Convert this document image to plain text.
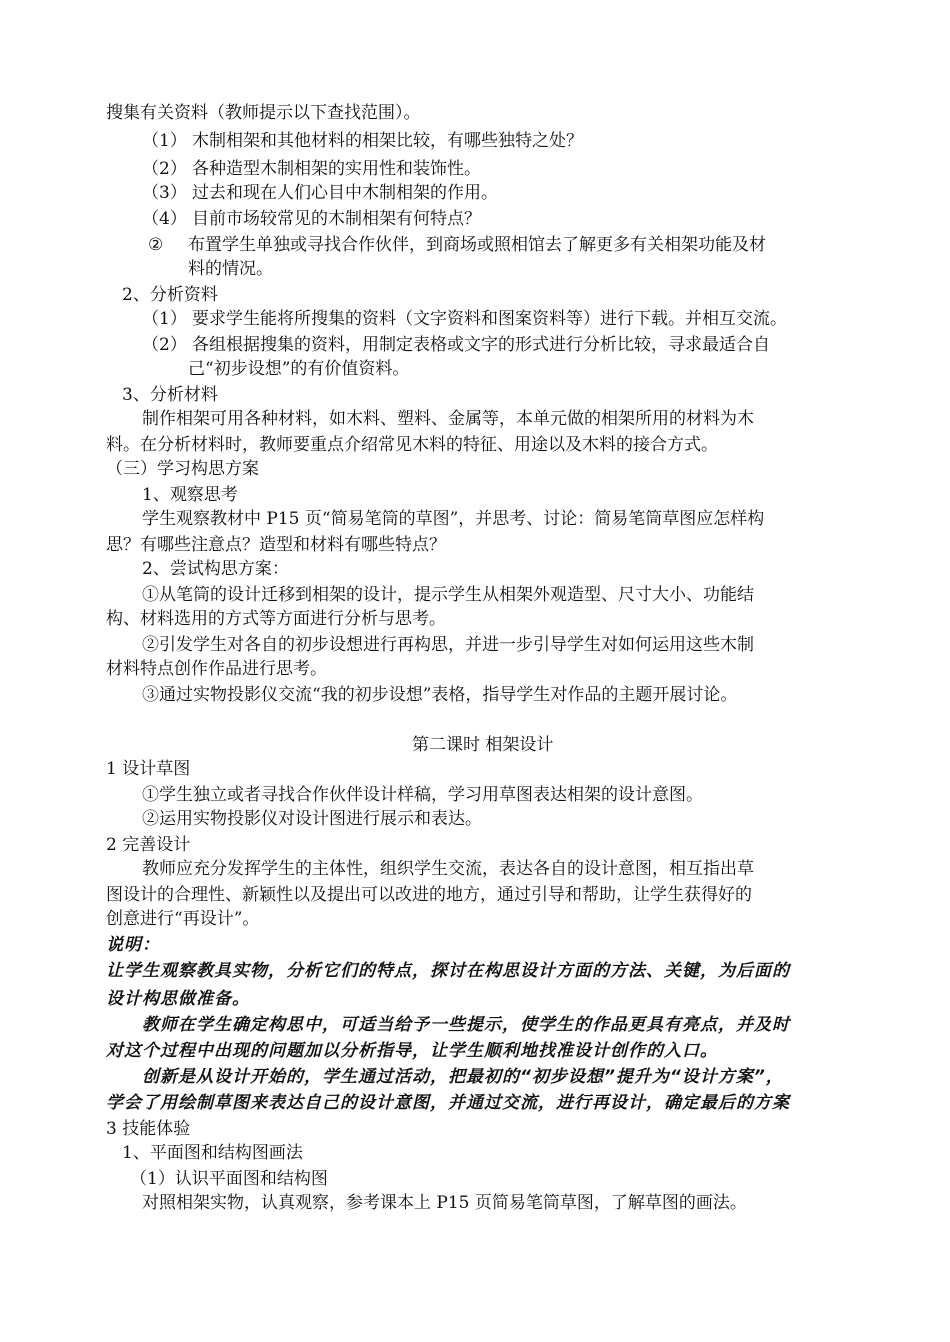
搜集有关资料（教师提示以下查找范围）。
（1） 木制相架和其他材料的相架比较，有哪些独特之处？
（2） 各种造型木制相架的实用性和装饰性。
（3） 过去和现在人们心目中木制相架的作用。
（4） 目前市场较常见的木制相架有何特点？
② 布置学生单独或寻找合作伙伴，到商场或照相馆去了解更多有关相架功能及材
料的情况。
2、分析资料
（1） 要求学生能将所搜集的资料（文字资料和图案资料等）进行下载。并相互交流。
（2） 各组根据搜集的资料，用制定表格或文字的形式进行分析比较，寻求最适合自
己“初步设想”的有价值资料。
3、分析材料
制作相架可用各种材料，如木料、塑料、金属等，本单元做的相架所用的材料为木
料。在分析材料时，教师要重点介绍常见木料的特征、用途以及木料的接合方式。
（三）学习构思方案
1、观察思考
学生观察教材中 P15 页“简易笔筒的草图”，并思考、讨论：简易笔筒草图应怎样构
思？有哪些注意点？造型和材料有哪些特点？
2、尝试构思方案：
①从笔筒的设计迁移到相架的设计，提示学生从相架外观造型、尺寸大小、功能结
构、材料选用的方式等方面进行分析与思考。
②引发学生对各自的初步设想进行再构思，并进一步引导学生对如何运用这些木制
材料特点创作作品进行思考。
③通过实物投影仪交流“我的初步设想”表格，指导学生对作品的主题开展讨论。
第二课时 相架设计
1 设计草图
①学生独立或者寻找合作伙伴设计样稿，学习用草图表达相架的设计意图。
②运用实物投影仪对设计图进行展示和表达。
2 完善设计
教师应充分发挥学生的主体性，组织学生交流，表达各自的设计意图，相互指出草
图设计的合理性、新颖性以及提出可以改进的地方，通过引导和帮助，让学生获得好的
创意进行“再设计”。
说明：
让学生观察教具实物，分析它们的特点，探讨在构思设计方面的方法、关键，为后面的
设计构思做准备。
教师在学生确定构思中，可适当给予一些提示，使学生的作品更具有亮点，并及时
对这个过程中出现的问题加以分析指导，让学生顺利地找准设计创作的入口。
创新是从设计开始的，学生通过活动，把最初的“初步设想”提升为“设计方案”，
学会了用绘制草图来表达自己的设计意图，并通过交流，进行再设计，确定最后的方案
3 技能体验
1、平面图和结构图画法
（1）认识平面图和结构图
对照相架实物，认真观察，参考课本上 P15 页简易笔筒草图，了解草图的画法。
